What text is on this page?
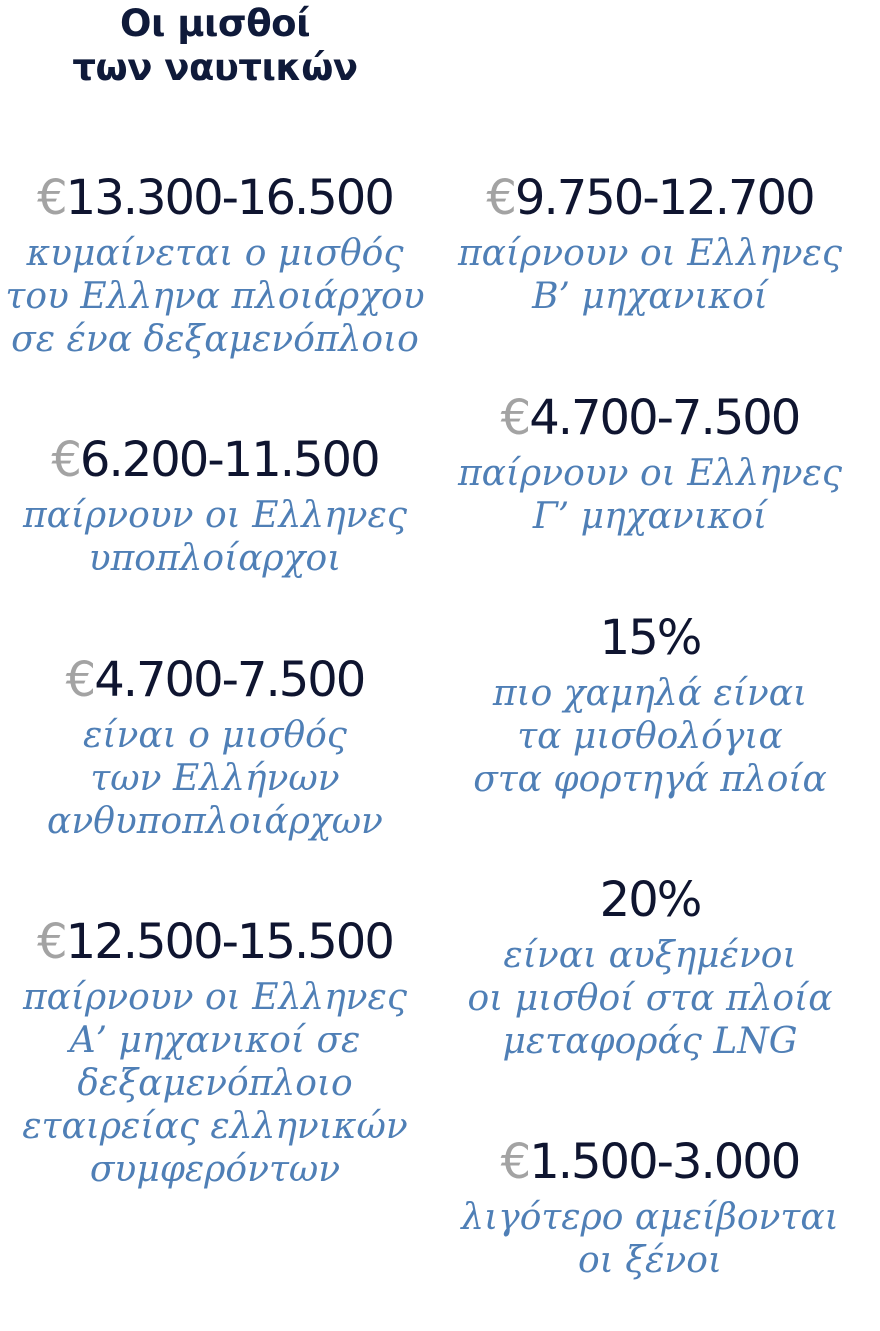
Οι μισθοί
των ναυτικών
€13.300-16.500
κυμαίνεται ο μισθός
του Ελληνα πλοιάρχου
σε ένα δεξαμενόπλοιο
€6.200-11.500
παίρνουν οι Ελληνες
υποπλοίαρχοι
€4.700-7.500
είναι ο μισθός
των Ελλήνων
ανθυποπλοιάρχων
€12.500-15.500
παίρνουν οι Ελληνες
Α’ μηχανικοί σε
δεξαμενόπλοιο
εταιρείας ελληνικών
συμφερόντων
€9.750-12.700
παίρνουν οι Ελληνες
Β’ μηχανικοί
€4.700-7.500
παίρνουν οι Ελληνες
Γ’ μηχανικοί
15%
πιο χαμηλά είναι
τα μισθολόγια
στα φορτηγά πλοία
20%
είναι αυξημένοι
οι μισθοί στα πλοία
μεταφοράς LNG
€1.500-3.000
λιγότερο αμείβονται
οι ξένοι
